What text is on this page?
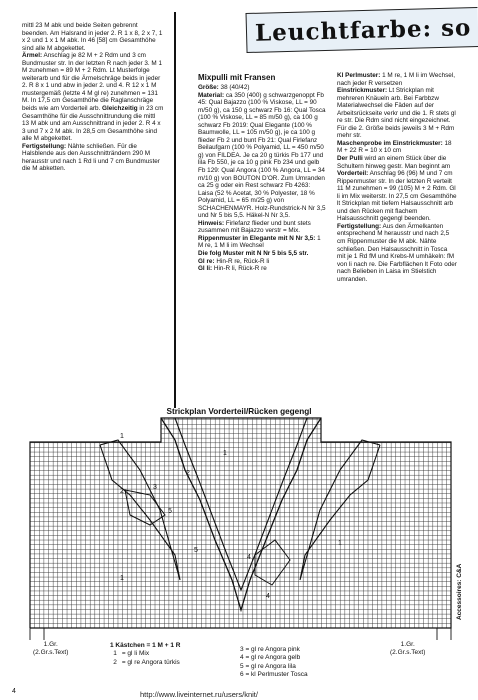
Leuchtfarbe: so

mittl 23 M abk und beide Seiten gebrennt beenden. Am Halsrand in jeder 2. R 1 x 8, 2 x 7, 1 x 2 und 1 x 1 M abk. In 46 [58] cm Gesamthöhe sind alle M abgekettet.

Ärmel: Anschlag je 82 M + 2 Rdm und 3 cm Bundmuster str. In der letzten R nach jeder 3. M 1 M zunehmen = 89 M + 2 Rdm. Lt Musterfolge weiterarb und für die Ärmelschräge beids in jeder 2. R 8 x 1 und abw in jeder 2. und 4. R 12 x 1 M mustergemäß (letzte 4 M gl re) zunehmen = 131 M. In 17,5 cm Gesamthöhe die Raglanschräge beids wie am Vorderteil arb. Gleichzeitig in 23 cm Gesamthöhe für die Ausschnittrundung die mittl 13 M abk und am Ausschnittrand in jeder 2. R 4 x 3 und 7 x 2 M abk. In 28,5 cm Gesamthöhe sind alle M abgekettet.

Fertigstellung: Nähte schließen. Für die Halsblende aus den Ausschnitträndern 290 M herausstr und nach 1 Rd li und 7 cm Bundmuster die M abketten.

Mixpulli mit Fransen

Größe: 38 (40/42)

Material: ca 350 (400) g schwarzgenoppt Fb 45: Qual Bajazzo (100 % Viskose, LL = 90 m/50 g), ca 150 g schwarz Fb 16: Qual Tosca (100 % Viskose, LL = 85 m/50 g), ca 100 g schwarz Fb 2019: Qual Elegante (100 % Baumwolle, LL = 105 m/50 g), je ca 100 g flieder Fb 2 und bunt Fb 21: Qual Firlefanz Beilaufgarn (100 % Polyamid, LL = 450 m/50 g) von FILDEA. Je ca 20 g türkis Fb 177 und lila Fb 550, je ca 10 g pink Fb 234 und gelb Fb 129: Qual Angora (100 % Angora, LL = 34 m/10 g) von BOUTON D'OR. Zum Umranden ca 25 g oder ein Rest schwarz Fb 4263: Laisa (52 % Acetat, 30 % Polyester, 18 % Polyamid, LL = 65 m/25 g) von SCHACHENMAYR. Holz-Rundstrick-N Nr 3,5 und Nr 5 bis 5,5. Häkel-N Nr 3,5.

Hinweis: Firlefanz flieder und bunt stets zusammen mit Bajazzo verstr = Mix.

Rippenmuster in Elegante mit N Nr 3,5: 1 M re, 1 M li im Wechsel

Die folg Muster mit N Nr 5 bis 5,5 str.

Gl re: Hin-R re, Rück-R li

Gl li: Hin-R li, Rück-R re

Kl Perlmuster: 1 M re, 1 M li im Wechsel, nach jeder R versetzen

Einstrickmuster: Lt Strickplan mit mehreren Knäueln arb. Bei Farbbzw Materialwechsel die Fäden auf der Arbeitsrückseite verkr und die 1. R stets gl re str. Die Rdm sind nicht eingezeichnet. Für die 2. Größe beids jeweils 3 M + Rdm mehr str.

Maschenprobe im Einstrickmuster: 18 M + 22 R = 10 x 10 cm

Der Pulli wird an einem Stück über die Schultern hinweg gestr. Man beginnt am Vorderteil: Anschlag 96 (96) M und 7 cm Rippenmuster str. In der letzten R verteilt 11 M zunehmen = 99 (105) M + 2 Rdm. Gl li im Mix weiterstr. In 27,5 cm Gesamthöhe lt Strickplan mit tiefem Halsausschnitt arb und den Rücken mit flachem Halsausschnitt gegengl beenden.

Fertigstellung: Aus den Ärmelkanten entsprechend M herausstr und nach 2,5 cm Rippenmuster die M abk. Nähte schließen. Den Halsausschnitt in Tosca mit je 1 Rd fM und Krebs-M umhäkeln: fM von li nach re. Die Farbflächen lt Foto oder nach Belieben in Laisa im Stielstich umranden.

Strickplan Vorderteil/Rücken gegengl
1
2
3
1
2
5
1
5
4
4
1
1.Gr.
(2.Gr.s.Text)
1.Gr.
(2.Gr.s.Text)
1 Kästchen = 1 M + 1 R
1 = gl li Mix
2 = gl re Angora türkis
3 = gl re Angora pink
4 = gl re Angora gelb
5 = gl re Angora lila
6 = kl Perlmuster Tosca
4
Accessoires: C&A
http://www.liveinternet.ru/users/knit/
